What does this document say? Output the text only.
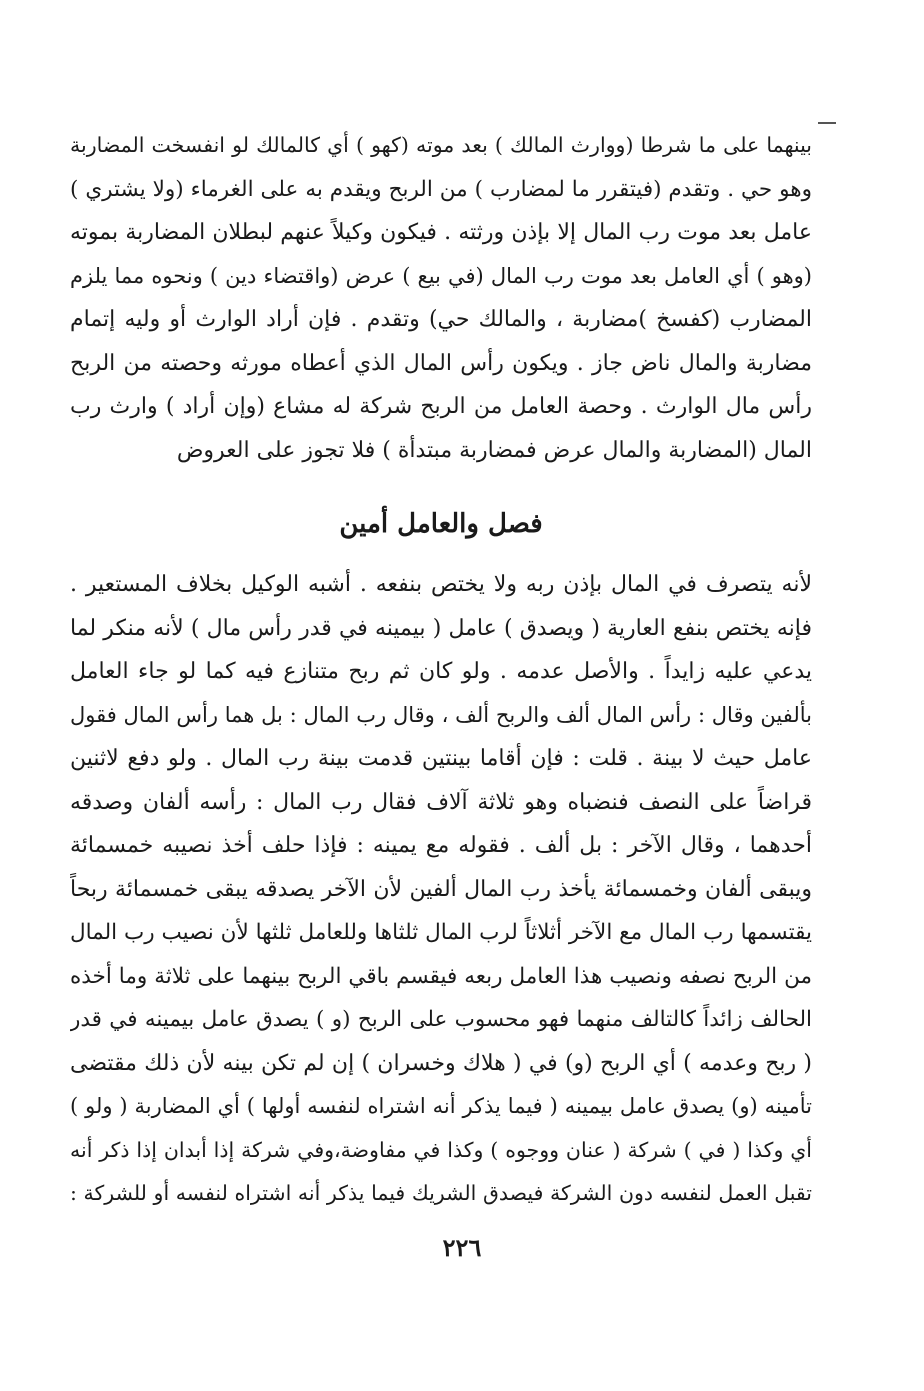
بينهما على ما شرطا (ووارث المالك ) بعد موته (كهو ) أي كالمالك لو انفسخت المضاربة
وهو حي . وتقدم (فيتقرر ما لمضارب ) من الربح ويقدم به على الغرماء (ولا يشتري )
عامل بعد موت رب المال إلا بإذن ورثته . فيكون وكيلاً عنهم لبطلان المضاربة بموته
(وهو ) أي العامل بعد موت رب المال (في بيع ) عرض (واقتضاء دين ) ونحوه مما يلزم
المضارب (كفسخ )مضاربة ، والمالك حي) وتقدم . فإن أراد الوارث أو وليه إتمام
مضاربة والمال ناض جاز . ويكون رأس المال الذي أعطاه مورثه وحصته من الربح
رأس مال الوارث . وحصة العامل من الربح شركة له مشاع (وإن أراد ) وارث رب
المال (المضاربة والمال عرض فمضاربة مبتدأة ) فلا تجوز على العروض
فصل والعامل أمين
لأنه يتصرف في المال بإذن ربه ولا يختص بنفعه . أشبه الوكيل بخلاف المستعير .
فإنه يختص بنفع العارية ( ويصدق ) عامل ( بيمينه في قدر رأس مال ) لأنه منكر لما
يدعي عليه زايداً . والأصل عدمه . ولو كان ثم ربح متنازع فيه كما لو جاء العامل
بألفين وقال : رأس المال ألف والربح ألف ، وقال رب المال : بل هما رأس المال فقول
عامل حيث لا بينة . قلت : فإن أقاما بينتين قدمت بينة رب المال . ولو دفع لاثنين
قراضاً على النصف فنضباه وهو ثلاثة آلاف فقال رب المال : رأسه ألفان وصدقه
أحدهما ، وقال الآخر : بل ألف . فقوله مع يمينه : فإذا حلف أخذ نصيبه خمسمائة
ويبقى ألفان وخمسمائة يأخذ رب المال ألفين لأن الآخر يصدقه يبقى خمسمائة ربحاً
يقتسمها رب المال مع الآخر أثلاثاً لرب المال ثلثاها وللعامل ثلثها لأن نصيب رب المال
من الربح نصفه ونصيب هذا العامل ربعه فيقسم باقي الربح بينهما على ثلاثة وما أخذه
الحالف زائداً كالتالف منهما فهو محسوب على الربح (و ) يصدق عامل بيمينه في قدر
( ربح وعدمه ) أي الربح (و) في ( هلاك وخسران ) إن لم تكن بينه لأن ذلك مقتضى
تأمينه (و) يصدق عامل بيمينه ( فيما يذكر أنه اشتراه لنفسه أولها ) أي المضاربة ( ولو )
أي وكذا ( في ) شركة ( عنان ووجوه ) وكذا في مفاوضة،وفي شركة إذا أبدان إذا ذكر أنه
تقبل العمل لنفسه دون الشركة فيصدق الشريك فيما يذكر أنه اشتراه لنفسه أو للشركة :
٢٢٦
